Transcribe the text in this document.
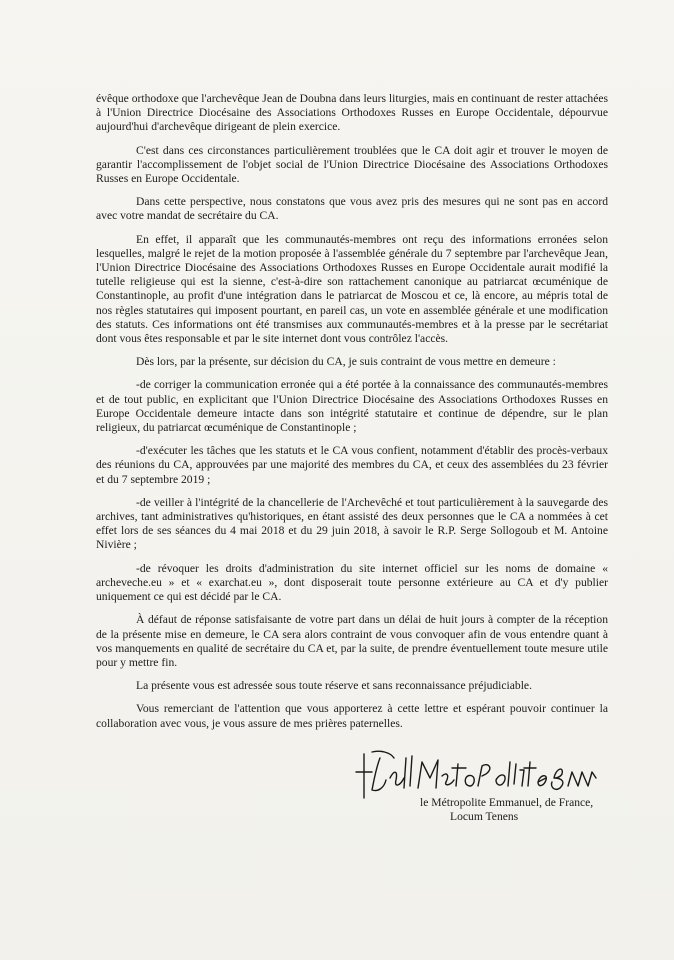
évêque orthodoxe que l'archevêque Jean de Doubna dans leurs liturgies, mais en continuant de rester attachées à l'Union Directrice Diocésaine des Associations Orthodoxes Russes en Europe Occidentale, dépourvue aujourd'hui d'archevêque dirigeant de plein exercice.

C'est dans ces circonstances particulièrement troublées que le CA doit agir et trouver le moyen de garantir l'accomplissement de l'objet social de l'Union Directrice Diocésaine des Associations Orthodoxes Russes en Europe Occidentale.

Dans cette perspective, nous constatons que vous avez pris des mesures qui ne sont pas en accord avec votre mandat de secrétaire du CA.

En effet, il apparaît que les communautés-membres ont reçu des informations erronées selon lesquelles, malgré le rejet de la motion proposée à l'assemblée générale du 7 septembre par l'archevêque Jean, l'Union Directrice Diocésaine des Associations Orthodoxes Russes en Europe Occidentale aurait modifié la tutelle religieuse qui est la sienne, c'est-à-dire son rattachement canonique au patriarcat œcuménique de Constantinople, au profit d'une intégration dans le patriarcat de Moscou et ce, là encore, au mépris total de nos règles statutaires qui imposent pourtant, en pareil cas, un vote en assemblée générale et une modification des statuts. Ces informations ont été transmises aux communautés-membres et à la presse par le secrétariat dont vous êtes responsable et par le site internet dont vous contrôlez l'accès.

Dès lors, par la présente, sur décision du CA, je suis contraint de vous mettre en demeure :

-de corriger la communication erronée qui a été portée à la connaissance des communautés-membres et de tout public, en explicitant que l'Union Directrice Diocésaine des Associations Orthodoxes Russes en Europe Occidentale demeure intacte dans son intégrité statutaire et continue de dépendre, sur le plan religieux, du patriarcat œcuménique de Constantinople ;

-d'exécuter les tâches que les statuts et le CA vous confient, notamment d'établir des procès-verbaux des réunions du CA, approuvées par une majorité des membres du CA, et ceux des assemblées du 23 février et du 7 septembre 2019 ;

-de veiller à l'intégrité de la chancellerie de l'Archevêché et tout particulièrement à la sauvegarde des archives, tant administratives qu'historiques, en étant assisté des deux personnes que le CA a nommées à cet effet lors de ses séances du 4 mai 2018 et du 29 juin 2018, à savoir le R.P. Serge Sollogoub et M. Antoine Nivière ;

-de révoquer les droits d'administration du site internet officiel sur les noms de domaine « archeveche.eu » et « exarchat.eu », dont disposerait toute personne extérieure au CA et d'y publier uniquement ce qui est décidé par le CA.

À défaut de réponse satisfaisante de votre part dans un délai de huit jours à compter de la réception de la présente mise en demeure, le CA sera alors contraint de vous convoquer afin de vous entendre quant à vos manquements en qualité de secrétaire du CA et, par la suite, de prendre éventuellement toute mesure utile pour y mettre fin.

La présente vous est adressée sous toute réserve et sans reconnaissance préjudiciable.

Vous remerciant de l'attention que vous apporterez à cette lettre et espérant pouvoir continuer la collaboration avec vous, je vous assure de mes prières paternelles.

le Métropolite Emmanuel, de France,
Locum Tenens
